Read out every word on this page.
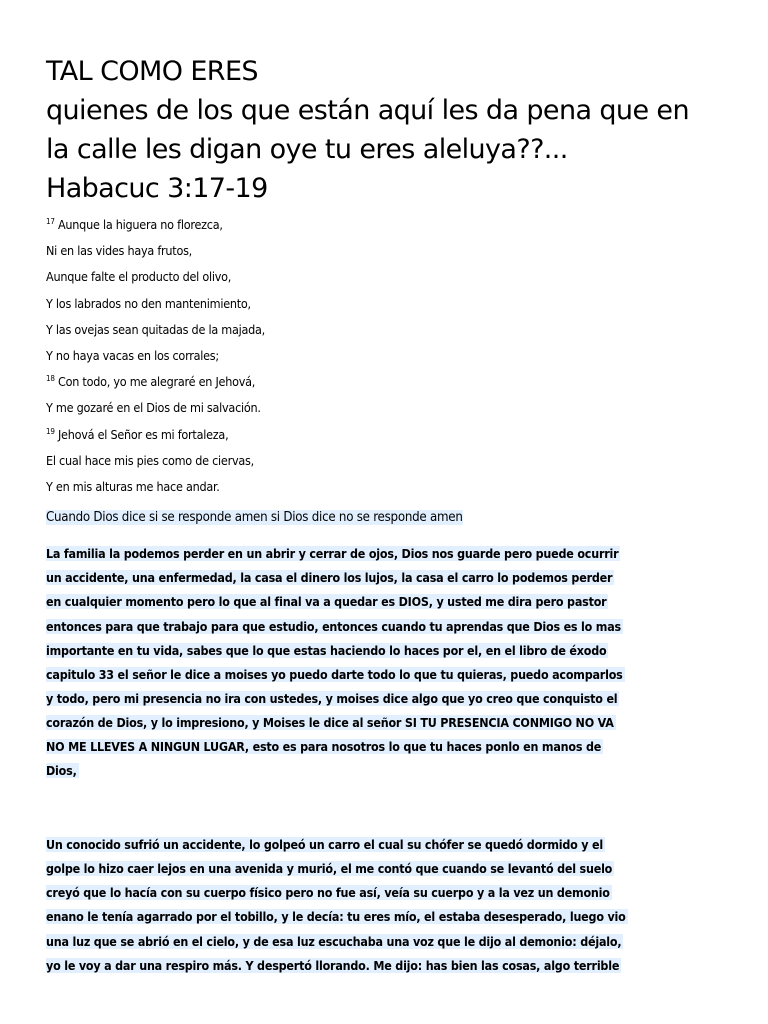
TAL COMO ERES

quienes de los que están aquí les da pena que en

la calle les digan oye tu eres aleluya??...

Habacuc 3:17-19

$^{17}$ Aunque la higuera no florezca,
Ni en las vides haya frutos,
Aunque falte el producto del olivo,
Y los labrados no den mantenimiento,
Y las ovejas sean quitadas de la majada,
Y no haya vacas en los corrales;
$^{18}$ Con todo, yo me alegraré en Jehová,
Y me gozaré en el Dios de mi salvación.
$^{19}$ Jehová el Señor es mi fortaleza,
El cual hace mis pies como de ciervas,
Y en mis alturas me hace andar.
Cuando Dios dice si se responde amen si Dios dice no se responde amen
La familia la podemos perder en un abrir y cerrar de ojos, Dios nos guarde pero puede ocurrir
un accidente, una enfermedad, la casa el dinero los lujos, la casa el carro lo podemos perder
en cualquier momento pero lo que al final va a quedar es DIOS, y usted me dira pero pastor
entonces para que trabajo para que estudio, entonces cuando tu aprendas que Dios es lo mas
importante en tu vida, sabes que lo que estas haciendo lo haces por el, en el libro de éxodo
capitulo 33 el señor le dice a moises yo puedo darte todo lo que tu quieras, puedo acomparlos
y todo, pero mi presencia no ira con ustedes, y moises dice algo que yo creo que conquisto el
corazón de Dios, y lo impresiono, y Moises le dice al señor SI TU PRESENCIA CONMIGO NO VA
NO ME LLEVES A NINGUN LUGAR, esto es para nosotros lo que tu haces ponlo en manos de
Dios,
Un conocido sufrió un accidente, lo golpeó un carro el cual su chófer se quedó dormido y el
golpe lo hizo caer lejos en una avenida y murió, el me contó que cuando se levantó del suelo
creyó que lo hacía con su cuerpo físico pero no fue así, veía su cuerpo y a la vez un demonio
enano le tenía agarrado por el tobillo, y le decía: tu eres mío, el estaba desesperado, luego vio
una luz que se abrió en el cielo, y de esa luz escuchaba una voz que le dijo al demonio: déjalo,
yo le voy a dar una respiro más. Y despertó llorando. Me dijo: has bien las cosas, algo terrible
